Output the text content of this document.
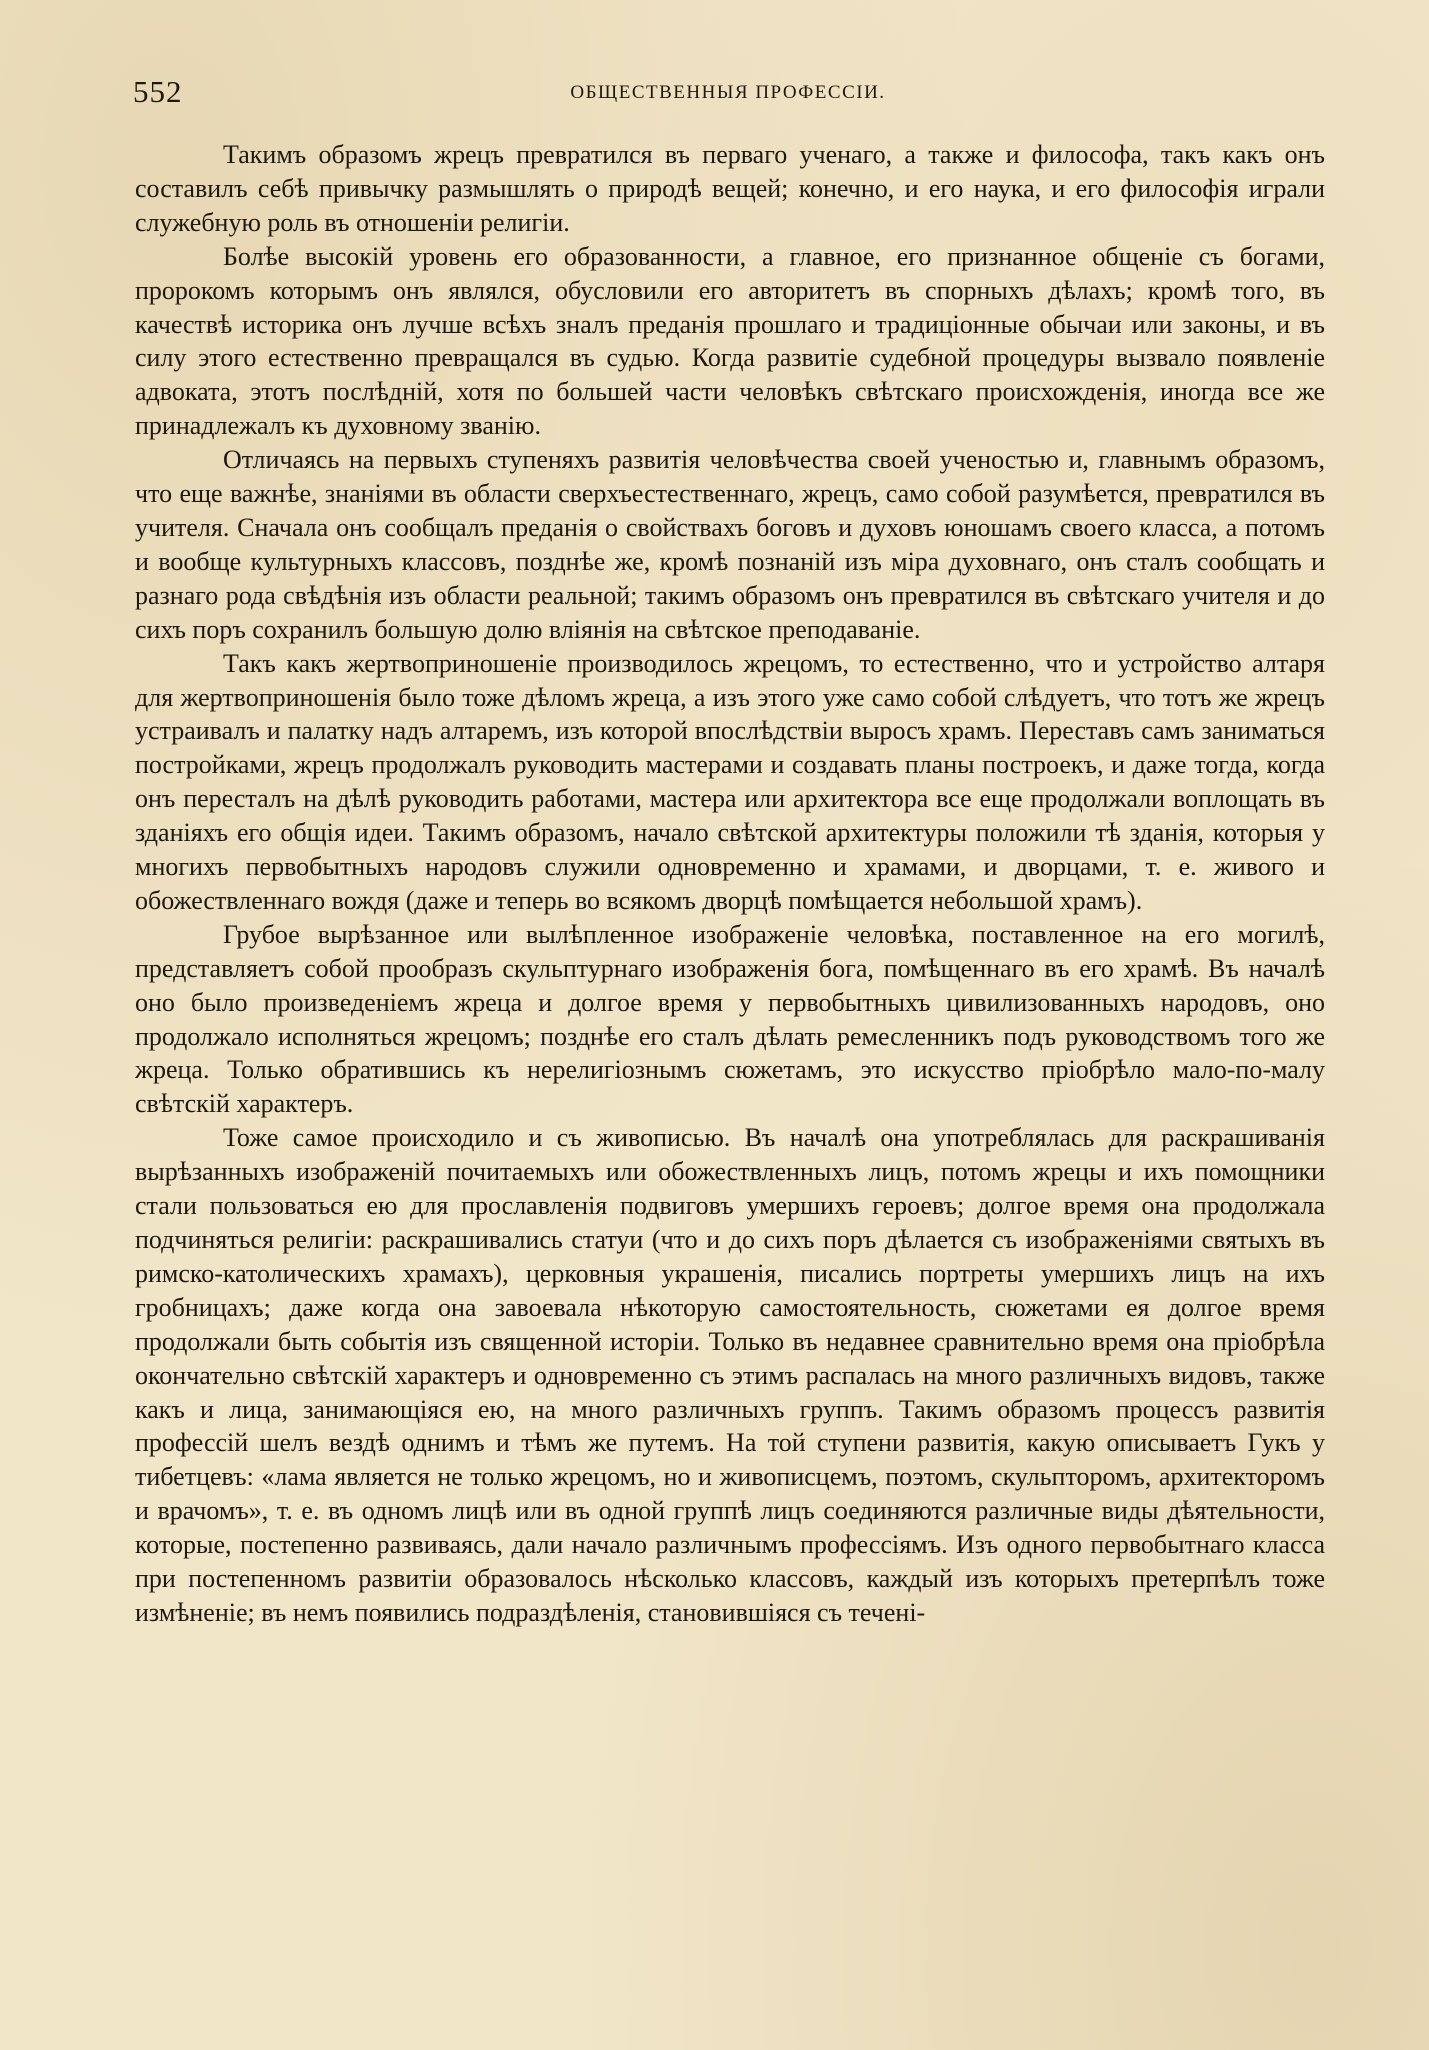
552	ОБЩЕСТВЕННЫЯ ПРОФЕССІИ.

Такимъ образомъ жрецъ превратился въ перваго ученаго, а также и философа, такъ какъ онъ составилъ себѣ привычку размышлять о природѣ вещей; конечно, и его наука, и его философія играли служебную роль въ отношеніи религіи.

Болѣе высокій уровень его образованности, а главное, его признанное общеніе съ богами, пророкомъ которымъ онъ являлся, обусловили его авторитетъ въ спорныхъ дѣлахъ; кромѣ того, въ качествѣ историка онъ лучше всѣхъ зналъ преданія прошлаго и традиціонные обычаи или законы, и въ силу этого естественно превращался въ судью. Когда развитіе судебной процедуры вызвало появленіе адвоката, этотъ послѣдній, хотя по большей части человѣкъ свѣтскаго происхожденія, иногда все же принадлежалъ къ духовному званію.

Отличаясь на первыхъ ступеняхъ развитія человѣчества своей ученостью и, главнымъ образомъ, что еще важнѣе, знаніями въ области сверхъестественнаго, жрецъ, само собой разумѣется, превратился въ учителя. Сначала онъ сообщалъ преданія о свойствахъ боговъ и духовъ юношамъ своего класса, а потомъ и вообще культурныхъ классовъ, позднѣе же, кромѣ познаній изъ міра духовнаго, онъ сталъ сообщать и разнаго рода свѣдѣнія изъ области реальной; такимъ образомъ онъ превратился въ свѣтскаго учителя и до сихъ поръ сохранилъ большую долю вліянія на свѣтское преподаваніе.

Такъ какъ жертвоприношеніе производилось жрецомъ, то естественно, что и устройство алтаря для жертвоприношенія было тоже дѣломъ жреца, а изъ этого уже само собой слѣдуетъ, что тотъ же жрецъ устраивалъ и палатку надъ алтаремъ, изъ которой впослѣдствіи выросъ храмъ. Переставъ самъ заниматься постройками, жрецъ продолжалъ руководить мастерами и создавать планы построекъ, и даже тогда, когда онъ пересталъ на дѣлѣ руководить работами, мастера или архитектора все еще продолжали воплощать въ зданіяхъ его общія идеи. Такимъ образомъ, начало свѣтской архитектуры положили тѣ зданія, которыя у многихъ первобытныхъ народовъ служили одновременно и храмами, и дворцами, т. е. живого и обожествленнаго вождя (даже и теперь во всякомъ дворцѣ помѣщается небольшой храмъ).

Грубое вырѣзанное или вылѣпленное изображеніе человѣка, поставленное на его могилѣ, представляетъ собой прообразъ скульптурнаго изображенія бога, помѣщеннаго въ его храмѣ. Въ началѣ оно было произведеніемъ жреца и долгое время у первобытныхъ цивилизованныхъ народовъ, оно продолжало исполняться жрецомъ; позднѣе его сталъ дѣлать ремесленникъ подъ руководствомъ того же жреца. Только обратившись къ нерелигіознымъ сюжетамъ, это искусство пріобрѣло мало-по-малу свѣтскій характеръ.

Тоже самое происходило и съ живописью. Въ началѣ она употреблялась для раскрашиванія вырѣзанныхъ изображеній почитаемыхъ или обожествленныхъ лицъ, потомъ жрецы и ихъ помощники стали пользоваться ею для прославленія подвиговъ умершихъ героевъ; долгое время она продолжала подчиняться религіи: раскрашивались статуи (что и до сихъ поръ дѣлается съ изображеніями святыхъ въ римско-католическихъ храмахъ), церковныя украшенія, писались портреты умершихъ лицъ на ихъ гробницахъ; даже когда она завоевала нѣкоторую самостоятельность, сюжетами ея долгое время продолжали быть событія изъ священной исторіи. Только въ недавнее сравнительно время она пріобрѣла окончательно свѣтскій характеръ и одновременно съ этимъ распалась на много различныхъ видовъ, также какъ и лица, занимающіяся ею, на много различныхъ группъ. Такимъ образомъ процессъ развитія профессій шелъ вездѣ однимъ и тѣмъ же путемъ. На той ступени развитія, какую описываетъ Гукъ у тибетцевъ: «лама является не только жрецомъ, но и живописцемъ, поэтомъ, скульпторомъ, архитекторомъ и врачомъ», т. е. въ одномъ лицѣ или въ одной группѣ лицъ соединяются различные виды дѣятельности, которые, постепенно развиваясь, дали начало различнымъ профессіямъ. Изъ одного первобытнаго класса при постепенномъ развитіи образовалось нѣсколько классовъ, каждый изъ которыхъ претерпѣлъ тоже измѣненіе; въ немъ появились подраздѣленія, становившіяся съ течені-
